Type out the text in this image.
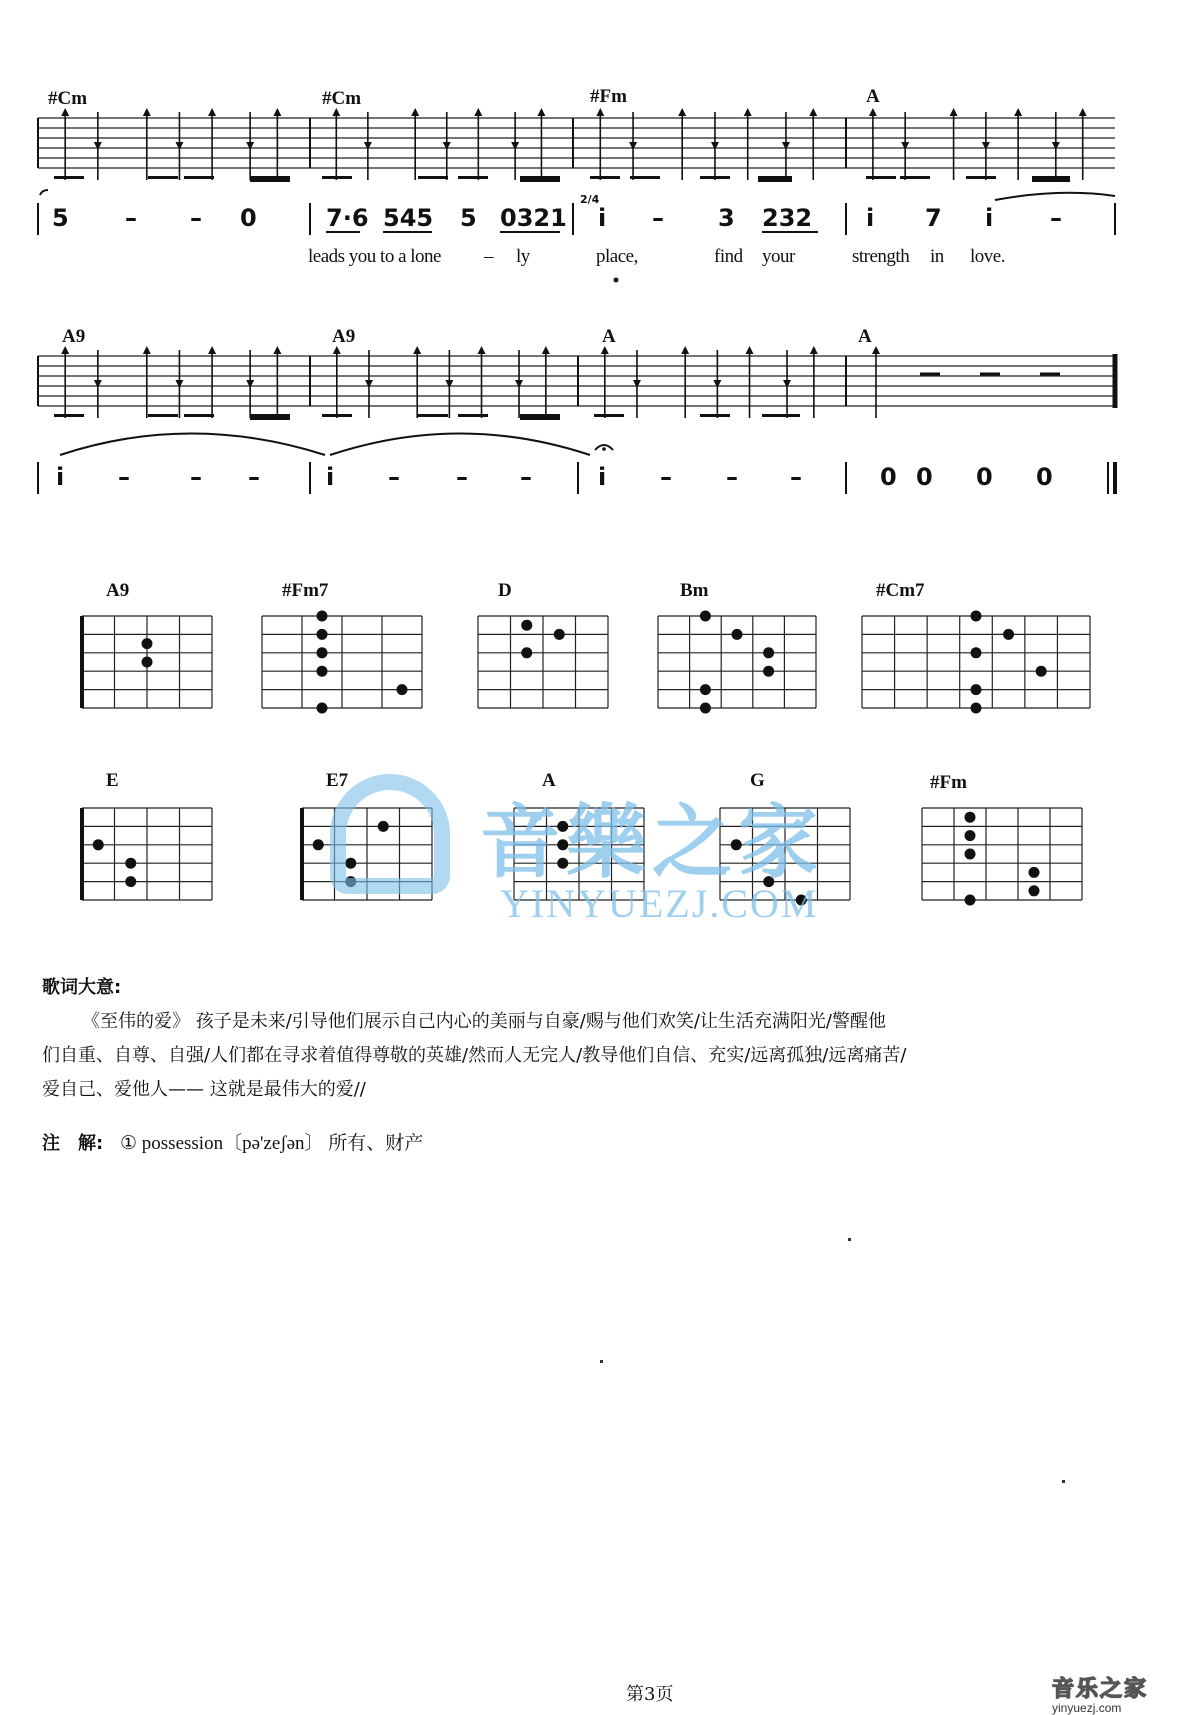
#Cm	#Cm	#Fm	A
5 – – 0	7·6 545 5 0321
2/4
i – 3 232 i 7 i –
leads you to a lone – ly	place,	find your	strength in love.
A9	A9	A	A
i –	– –	i – – –	i – – –	0 0 0 0
A9	#Fm7	D	Bm	#Cm7
E	E7	A	G	#Fm
音樂之家
YINYUEZJ.COM
歌词大意:
《至伟的爱》 孩子是未来/引导他们展示自己内心的美丽与自豪/赐与他们欢笑/让生活充满阳光/警醒他
们自重、自尊、自强/人们都在寻求着值得尊敬的英雄/然而人无完人/教导他们自信、充实/远离孤独/远离痛苦/
爱自己、爱他人—— 这就是最伟大的爱//
注　解: ① possession〔pə'zeʃən〕 所有、财产
第3页	音乐之家
yinyuezj.com
